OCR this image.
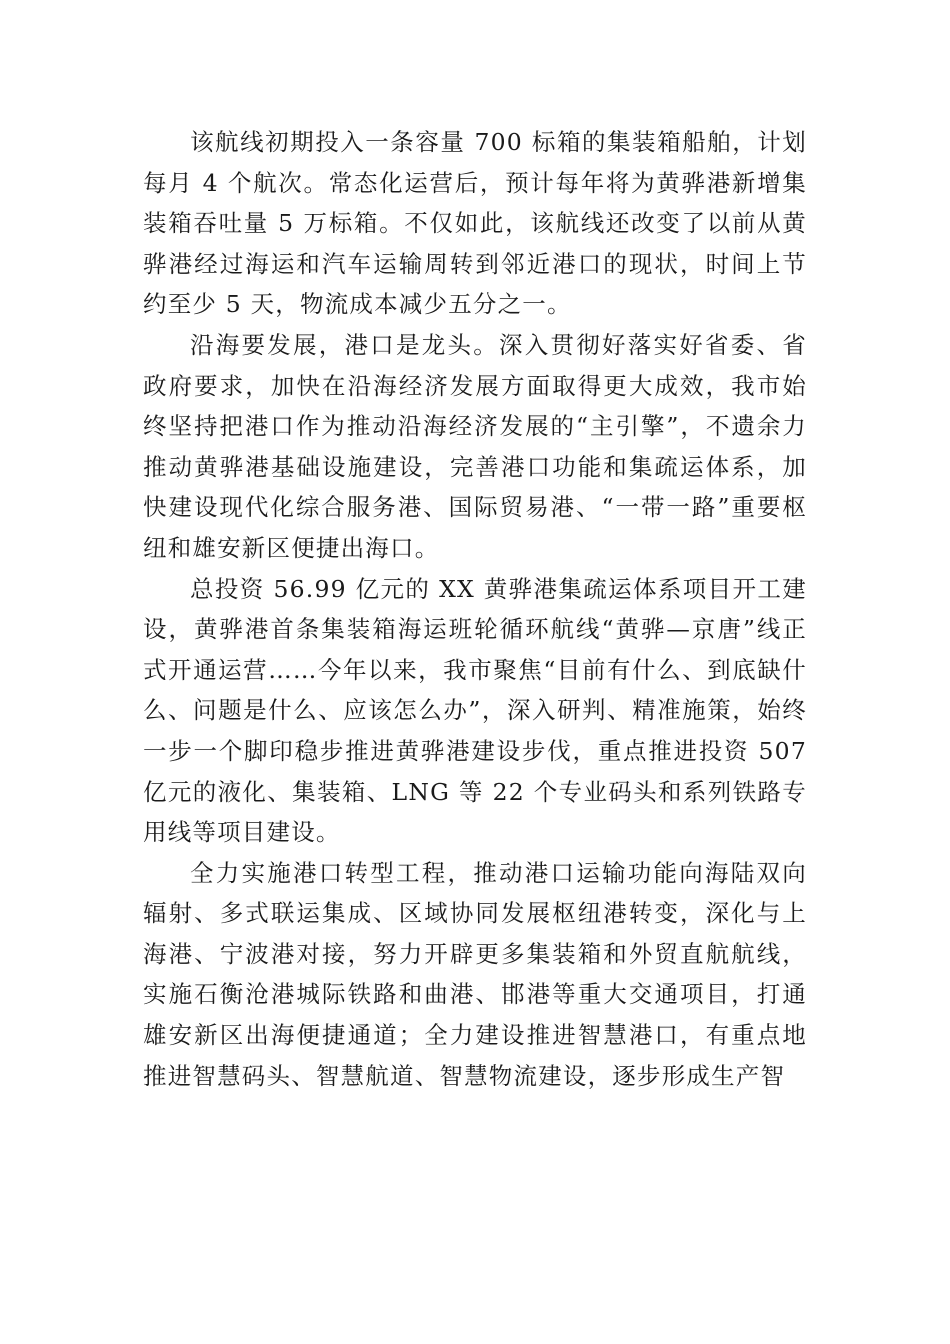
该航线初期投入一条容量 700 标箱的集装箱船舶，计划每月 4 个航次。常态化运营后，预计每年将为黄骅港新增集装箱吞吐量 5 万标箱。不仅如此，该航线还改变了以前从黄骅港经过海运和汽车运输周转到邻近港口的现状，时间上节约至少 5 天，物流成本减少五分之一。

沿海要发展，港口是龙头。深入贯彻好落实好省委、省政府要求，加快在沿海经济发展方面取得更大成效，我市始终坚持把港口作为推动沿海经济发展的“主引擎”，不遗余力推动黄骅港基础设施建设，完善港口功能和集疏运体系，加快建设现代化综合服务港、国际贸易港、“一带一路”重要枢纽和雄安新区便捷出海口。

总投资 56.99 亿元的 XX 黄骅港集疏运体系项目开工建设，黄骅港首条集装箱海运班轮循环航线“黄骅—京唐”线正式开通运营……今年以来，我市聚焦“目前有什么、到底缺什么、问题是什么、应该怎么办”，深入研判、精准施策，始终一步一个脚印稳步推进黄骅港建设步伐，重点推进投资 507 亿元的液化、集装箱、LNG 等 22 个专业码头和系列铁路专用线等项目建设。

全力实施港口转型工程，推动港口运输功能向海陆双向辐射、多式联运集成、区域协同发展枢纽港转变，深化与上海港、宁波港对接，努力开辟更多集装箱和外贸直航航线， 实施石衡沧港城际铁路和曲港、邯港等重大交通项目，打通雄安新区出海便捷通道；全力建设推进智慧港口，有重点地推进智慧码头、智慧航道、智慧物流建设，逐步形成生产智
